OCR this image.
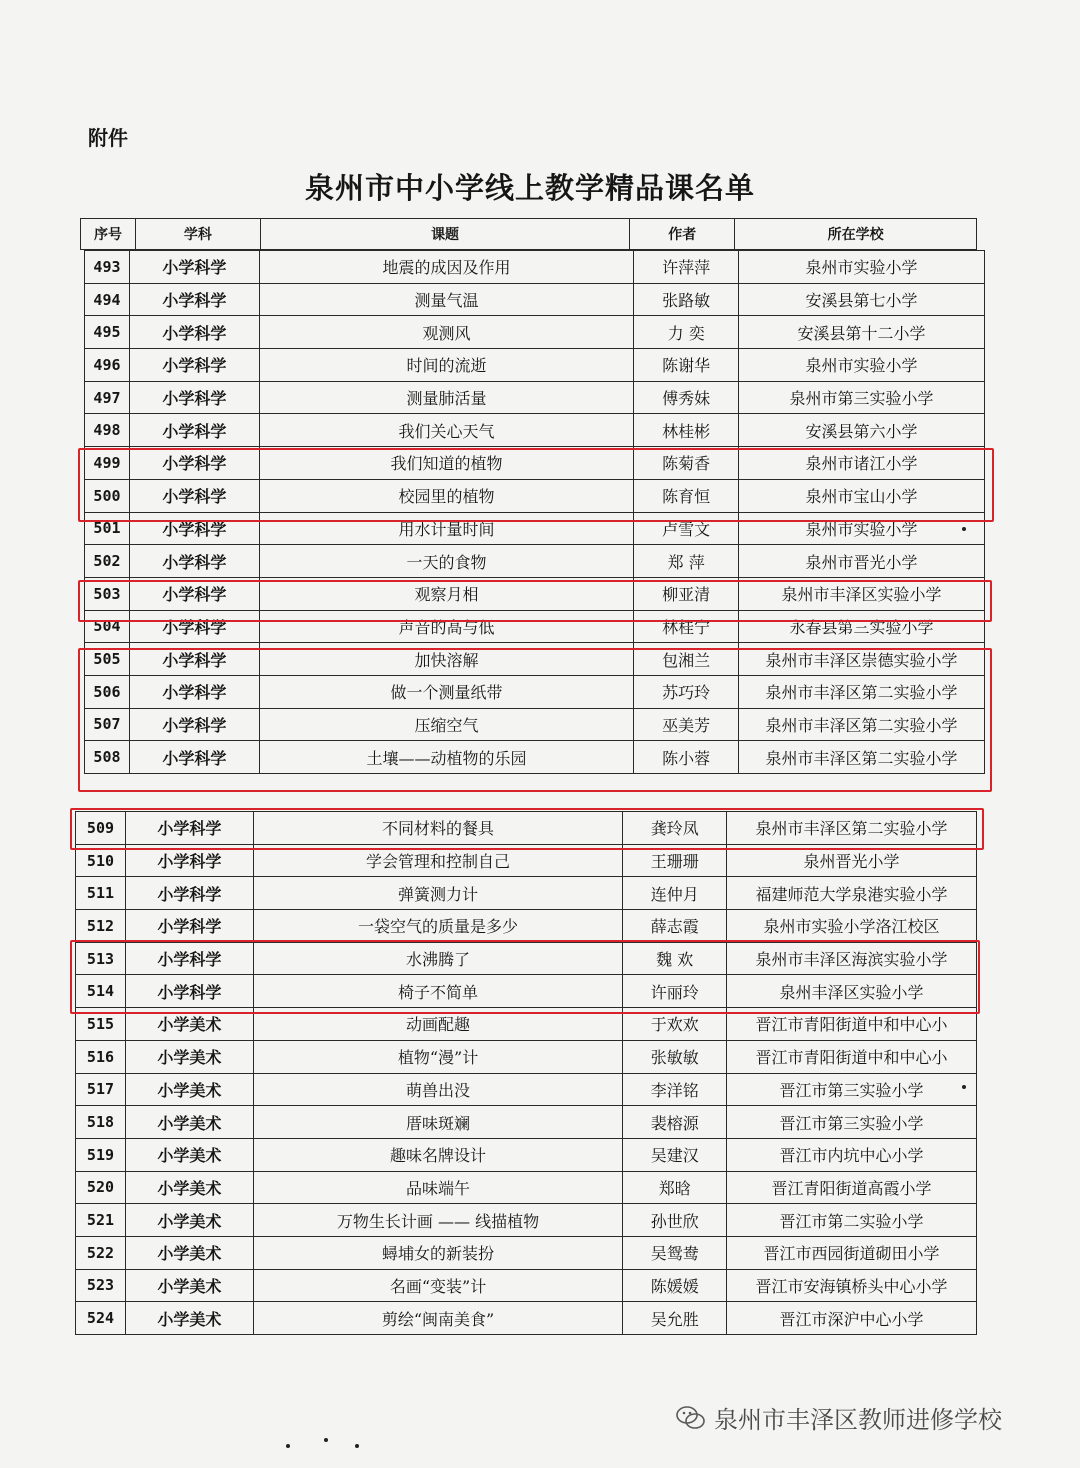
附件

泉州市中小学线上教学精品课名单
序号	学科	课题	作者	所在学校
493	小学科学	地震的成因及作用	许萍萍	泉州市实验小学
494	小学科学	测量气温	张路敏	安溪县第七小学
495	小学科学	观测风	力 奕	安溪县第十二小学
496	小学科学	时间的流逝	陈谢华	泉州市实验小学
497	小学科学	测量肺活量	傅秀妹	泉州市第三实验小学
498	小学科学	我们关心天气	林桂彬	安溪县第六小学
499	小学科学	我们知道的植物	陈菊香	泉州市诸江小学
500	小学科学	校园里的植物	陈育恒	泉州市宝山小学
501	小学科学	用水计量时间	卢雪文	泉州市实验小学
502	小学科学	一天的食物	郑 萍	泉州市晋光小学
503	小学科学	观察月相	柳亚清	泉州市丰泽区实验小学
504	小学科学	声音的高与低	林桂宁	永春县第三实验小学
505	小学科学	加快溶解	包湘兰	泉州市丰泽区崇德实验小学
506	小学科学	做一个测量纸带	苏巧玲	泉州市丰泽区第二实验小学
507	小学科学	压缩空气	巫美芳	泉州市丰泽区第二实验小学
508	小学科学	土壤——动植物的乐园	陈小蓉	泉州市丰泽区第二实验小学
509	小学科学	不同材料的餐具	龚玲凤	泉州市丰泽区第二实验小学
510	小学科学	学会管理和控制自己	王珊珊	泉州晋光小学
511	小学科学	弹簧测力计	连仲月	福建师范大学泉港实验小学
512	小学科学	一袋空气的质量是多少	薛志霞	泉州市实验小学洛江校区
513	小学科学	水沸腾了	魏 欢	泉州市丰泽区海滨实验小学
514	小学科学	椅子不简单	许丽玲	泉州丰泽区实验小学
515	小学美术	动画配趣	于欢欢	晋江市青阳街道中和中心小
516	小学美术	植物“漫”计	张敏敏	晋江市青阳街道中和中心小
517	小学美术	萌兽出没	李洋铭	晋江市第三实验小学
518	小学美术	厝味斑斓	裴榕源	晋江市第三实验小学
519	小学美术	趣味名牌设计	吴建汉	晋江市内坑中心小学
520	小学美术	品味端午	郑晗	晋江青阳街道高霞小学
521	小学美术	万物生长计画 —— 线描植物	孙世欣	晋江市第二实验小学
522	小学美术	蟳埔女的新装扮	吴鸳鸯	晋江市西园街道砌田小学
523	小学美术	名画“变装”计	陈媛媛	晋江市安海镇桥头中心小学
524	小学美术	剪绘“闽南美食”	吴允胜	晋江市深沪中心小学
泉州市丰泽区教师进修学校
